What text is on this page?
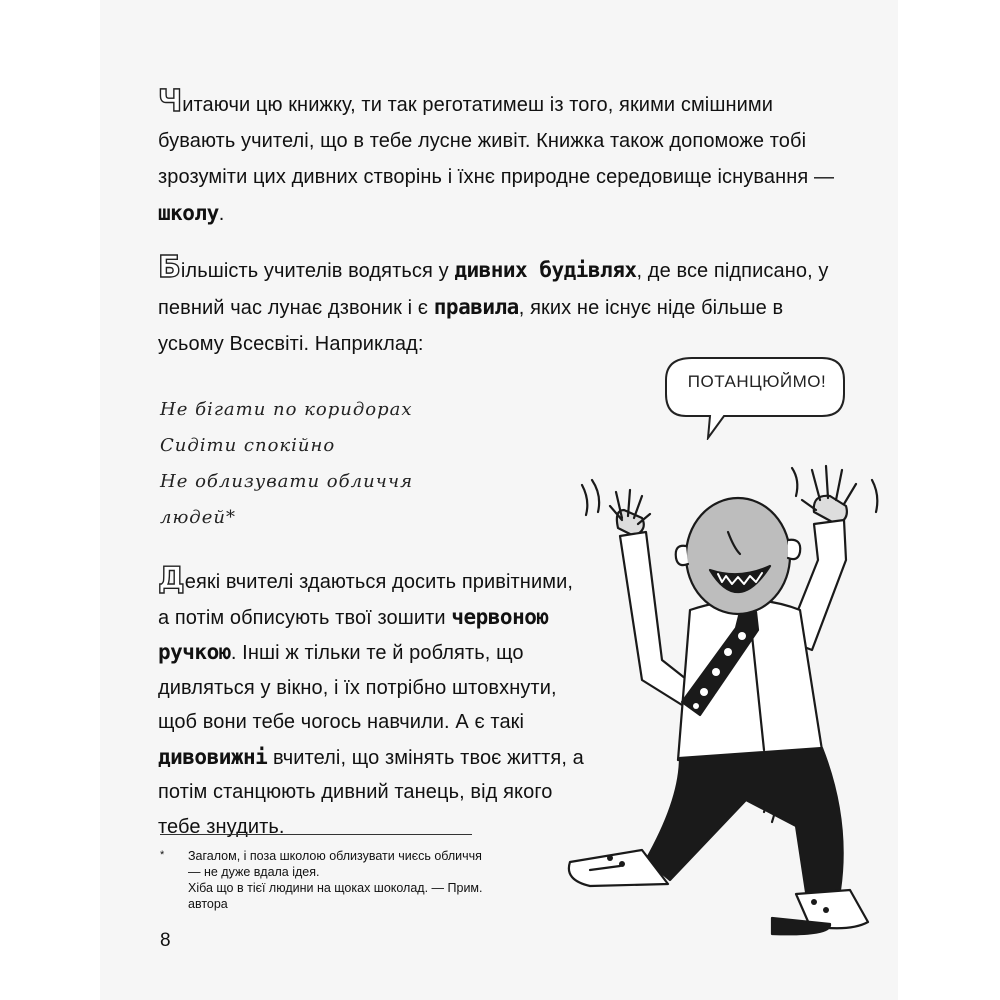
Читаючи цю книжку, ти так реготатимеш із того, якими смішними бувають учителі, що в тебе лусне живіт. Книжка також допоможе тобі зрозуміти цих дивних створінь і їхнє природне середовище існування — школу.
Більшість учителів водяться у дивних будівлях, де все підписано, у певний час лунає дзвоник і є правила, яких не існує ніде більше в усьому Всесвіті. Наприклад:
Не бігати по коридорах
Сидіти спокійно
Не облизувати обличчя
людей*
Деякі вчителі здаються досить привітними, а потім обписують твої зошити червоною ручкою. Інші ж тільки те й роблять, що дивляться у вікно, і їх потрібно штовхнути, щоб вони тебе чогось навчили. А є такі дивовижні вчителі, що змінять твоє життя, а потім станцюють дивний танець, від якого тебе знудить.
ПОТАНЦЮЙМО!
* Загалом, і поза школою облизувати чиєсь обличчя — не дуже вдала ідея.
Хіба що в тієї людини на щоках шоколад. — Прим. автора
8
